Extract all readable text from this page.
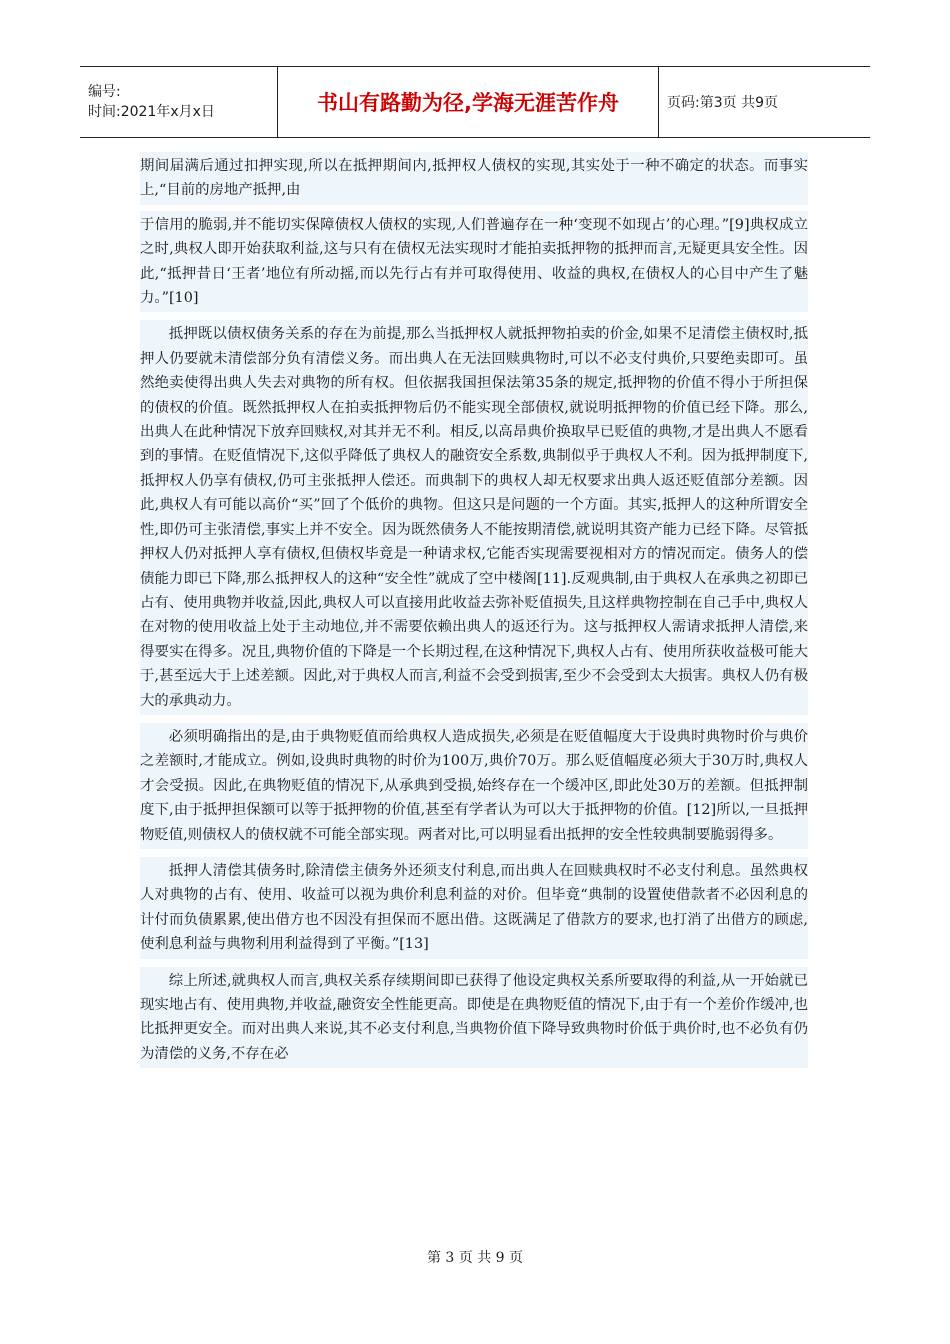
编号:
时间:2021年x月x日	书山有路勤为径,学海无涯苦作舟	页码:第3页 共9页

期间届满后通过扣押实现,所以在抵押期间内,抵押权人债权的实现,其实处于一种不确定的状态。而事实上,“目前的房地产抵押,由

于信用的脆弱,并不能切实保障债权人债权的实现,人们普遍存在一种‘变现不如现占’的心理。”[9]典权成立之时,典权人即开始获取利益,这与只有在债权无法实现时才能拍卖抵押物的抵押而言,无疑更具安全性。因此,“抵押昔日‘王者’地位有所动摇,而以先行占有并可取得使用、收益的典权,在债权人的心目中产生了魅力。”[10]

抵押既以债权债务关系的存在为前提,那么当抵押权人就抵押物拍卖的价金,如果不足清偿主债权时,抵押人仍要就未清偿部分负有清偿义务。而出典人在无法回赎典物时,可以不必支付典价,只要绝卖即可。虽然绝卖使得出典人失去对典物的所有权。但依据我国担保法第35条的规定,抵押物的价值不得小于所担保的债权的价值。既然抵押权人在拍卖抵押物后仍不能实现全部债权,就说明抵押物的价值已经下降。那么,出典人在此种情况下放弃回赎权,对其并无不利。相反,以高昂典价换取早已贬值的典物,才是出典人不愿看到的事情。在贬值情况下,这似乎降低了典权人的融资安全系数,典制似乎于典权人不利。因为抵押制度下,抵押权人仍享有债权,仍可主张抵押人偿还。而典制下的典权人却无权要求出典人返还贬值部分差额。因此,典权人有可能以高价“买”回了个低价的典物。但这只是问题的一个方面。其实,抵押人的这种所谓安全性,即仍可主张清偿,事实上并不安全。因为既然债务人不能按期清偿,就说明其资产能力已经下降。尽管抵押权人仍对抵押人享有债权,但债权毕竟是一种请求权,它能否实现需要视相对方的情况而定。债务人的偿债能力即已下降,那么抵押权人的这种“安全性”就成了空中楼阁[11].反观典制,由于典权人在承典之初即已占有、使用典物并收益,因此,典权人可以直接用此收益去弥补贬值损失,且这样典物控制在自己手中,典权人在对物的使用收益上处于主动地位,并不需要依赖出典人的返还行为。这与抵押权人需请求抵押人清偿,来得要实在得多。况且,典物价值的下降是一个长期过程,在这种情况下,典权人占有、使用所获收益极可能大于,甚至远大于上述差额。因此,对于典权人而言,利益不会受到损害,至少不会受到太大损害。典权人仍有极大的承典动力。

必须明确指出的是,由于典物贬值而给典权人造成损失,必须是在贬值幅度大于设典时典物时价与典价之差额时,才能成立。例如,设典时典物的时价为100万,典价70万。那么贬值幅度必须大于30万时,典权人才会受损。因此,在典物贬值的情况下,从承典到受损,始终存在一个缓冲区,即此处30万的差额。但抵押制度下,由于抵押担保额可以等于抵押物的价值,甚至有学者认为可以大于抵押物的价值。[12]所以,一旦抵押物贬值,则债权人的债权就不可能全部实现。两者对比,可以明显看出抵押的安全性较典制要脆弱得多。

抵押人清偿其债务时,除清偿主债务外还须支付利息,而出典人在回赎典权时不必支付利息。虽然典权人对典物的占有、使用、收益可以视为典价利息利益的对价。但毕竟“典制的设置使借款者不必因利息的计付而负债累累,使出借方也不因没有担保而不愿出借。这既满足了借款方的要求,也打消了出借方的顾虑,使利息利益与典物利用利益得到了平衡。”[13]

综上所述,就典权人而言,典权关系存续期间即已获得了他设定典权关系所要取得的利益,从一开始就已现实地占有、使用典物,并收益,融资安全性能更高。即使是在典物贬值的情况下,由于有一个差价作缓冲,也比抵押更安全。而对出典人来说,其不必支付利息,当典物价值下降导致典物时价低于典价时,也不必负有仍为清偿的义务,不存在必

第 3 页 共 9 页
